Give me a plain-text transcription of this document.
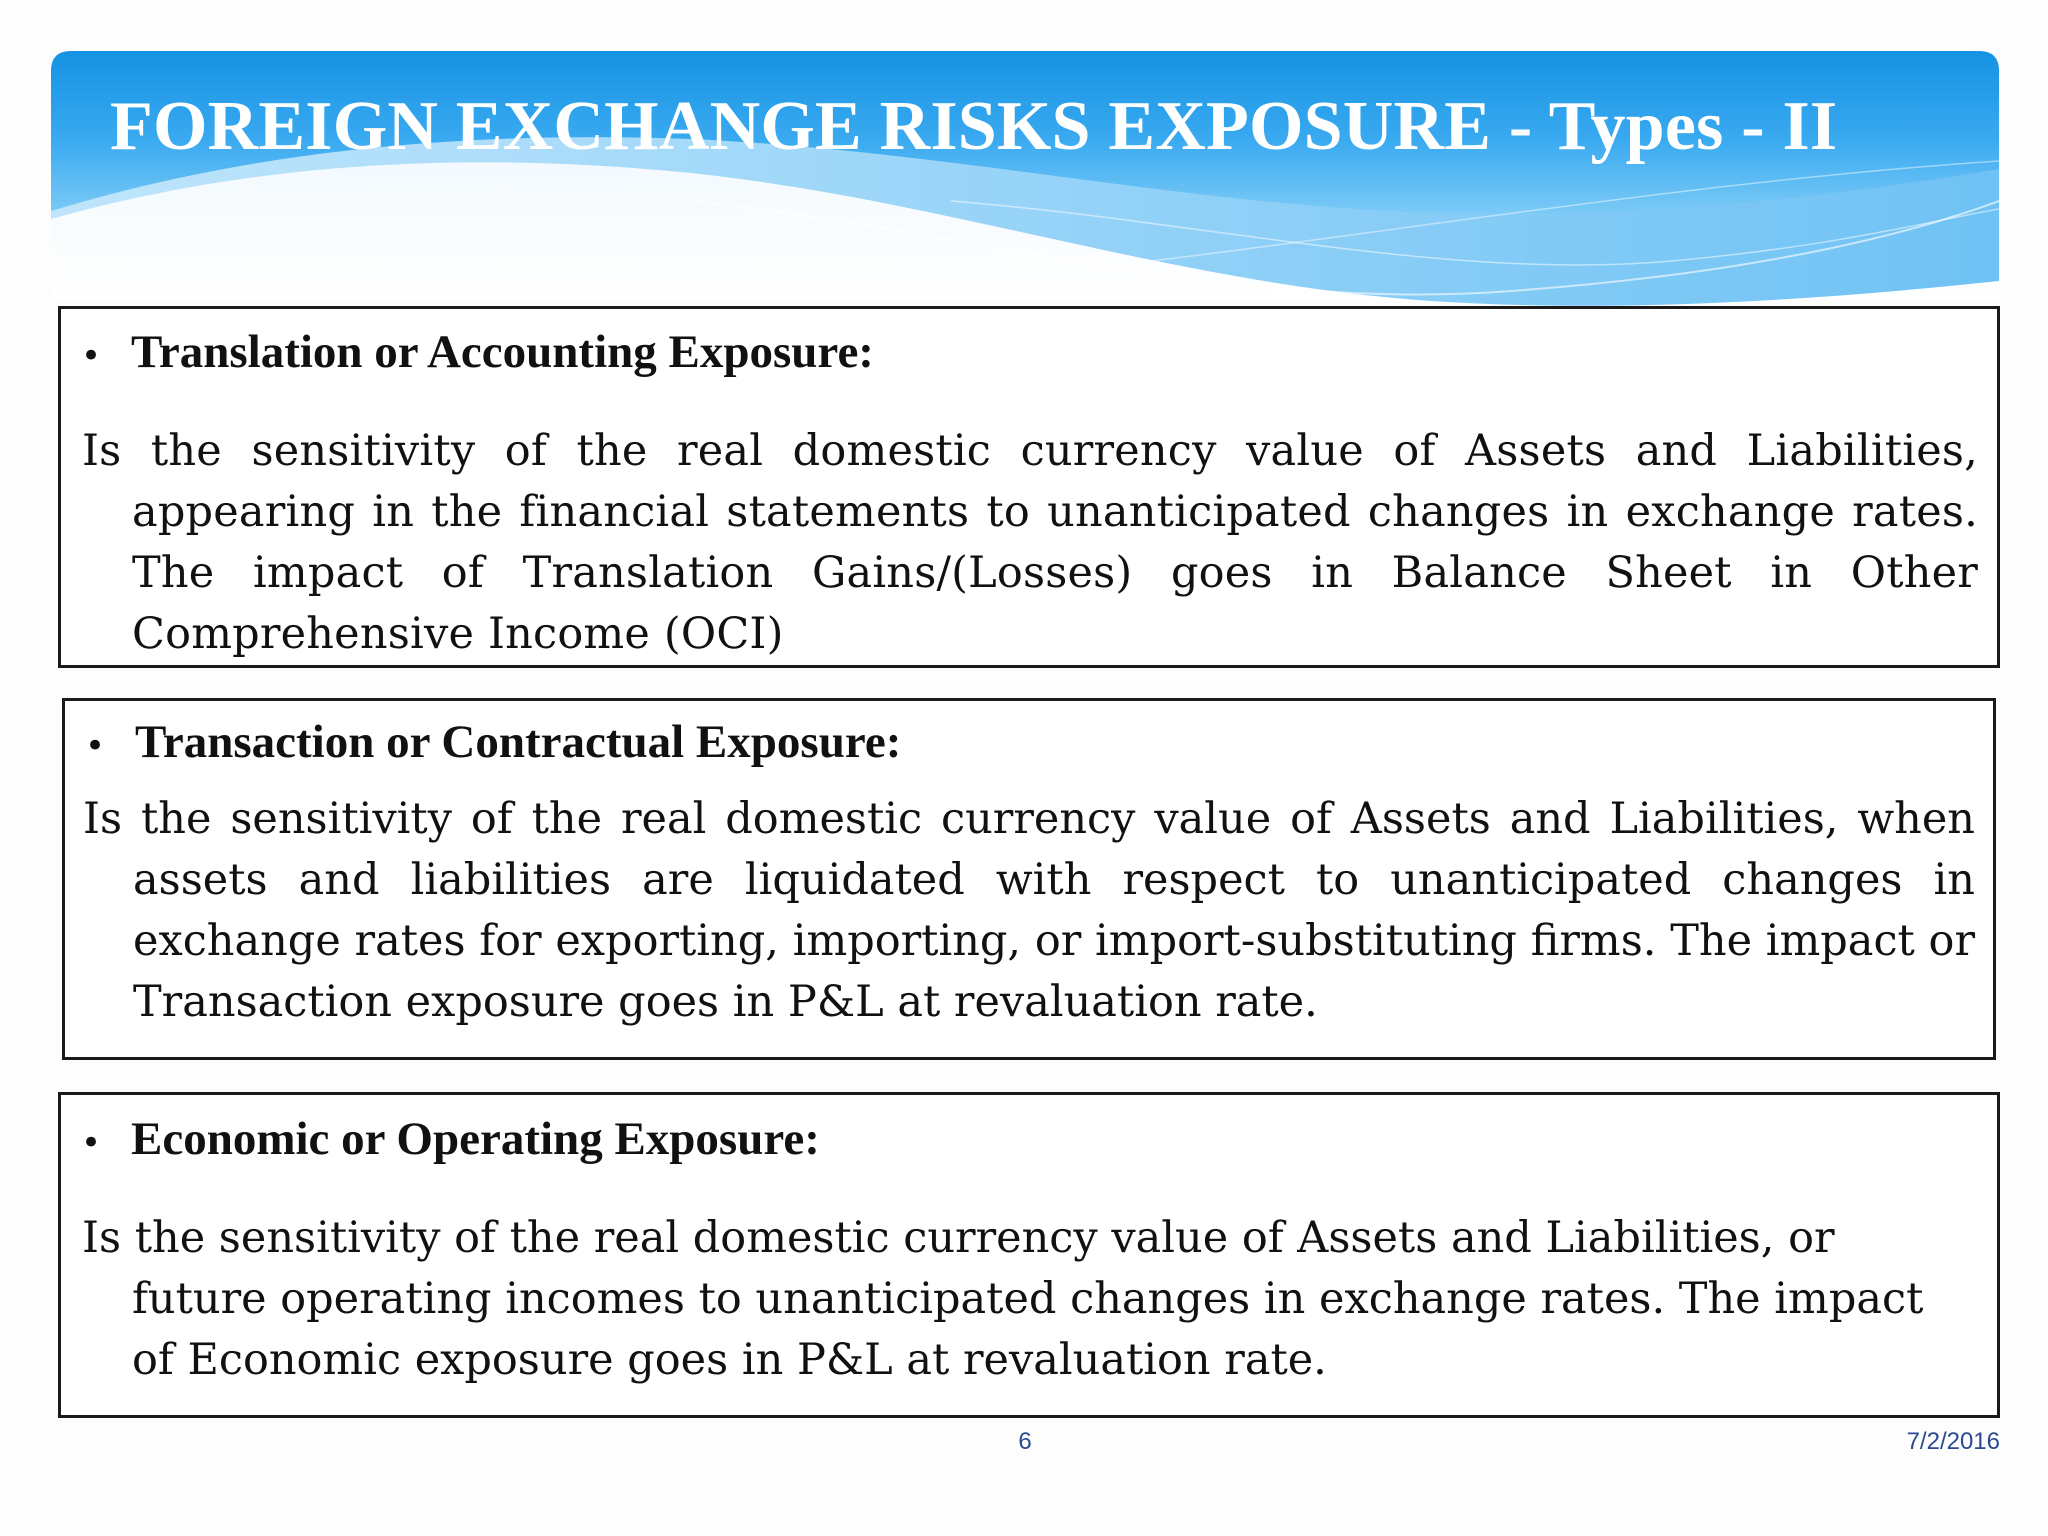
FOREIGN EXCHANGE RISKS EXPOSURE - Types - II
• Translation or Accounting Exposure:

Is the sensitivity of the real domestic currency value of Assets and Liabilities, appearing in the financial statements to unanticipated changes in exchange rates. The impact of Translation Gains/(Losses) goes in Balance Sheet in Other Comprehensive Income (OCI)

• Transaction or Contractual Exposure:

Is the sensitivity of the real domestic currency value of Assets and Liabilities, when assets and liabilities are liquidated with respect to unanticipated changes in exchange rates for exporting, importing, or import-substituting firms. The impact or Transaction exposure goes in P&L at revaluation rate.

• Economic or Operating Exposure:

Is the sensitivity of the real domestic currency value of Assets and Liabilities, or future operating incomes to unanticipated changes in exchange rates. The impact of Economic exposure goes in P&L at revaluation rate.

6	7/2/2016
